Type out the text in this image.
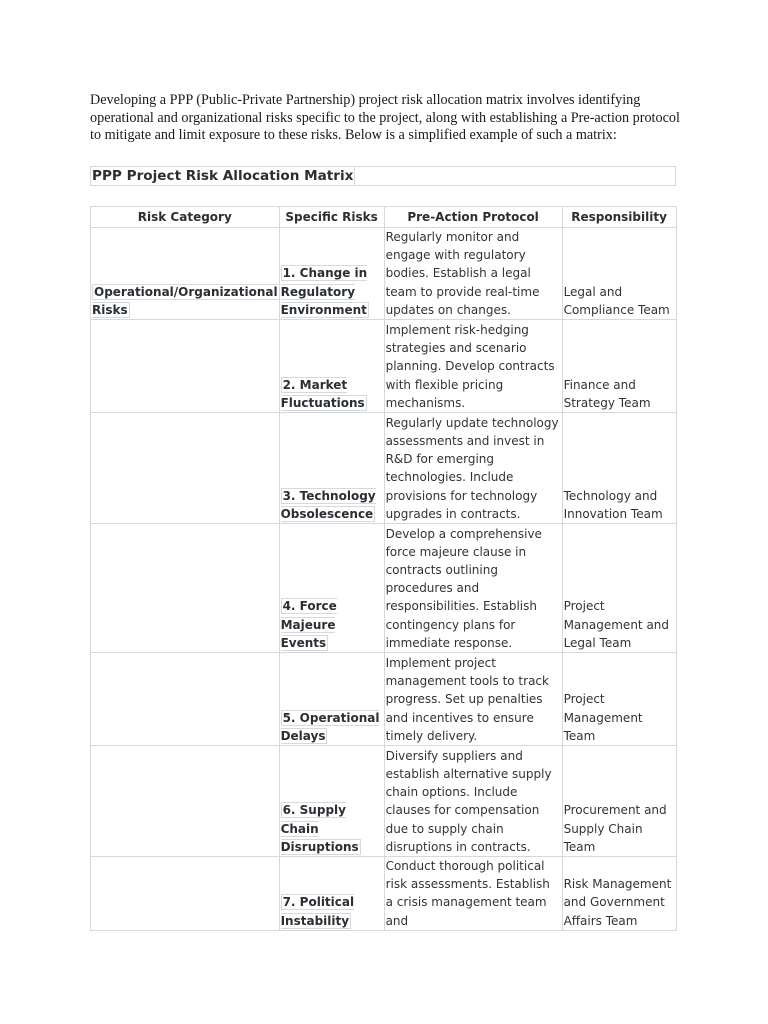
Developing a PPP (Public-Private Partnership) project risk allocation matrix involves identifying operational and organizational risks specific to the project, along with establishing a Pre-action protocol to mitigate and limit exposure to these risks. Below is a simplified example of such a matrix:

PPP Project Risk Allocation Matrix
Risk Category	Specific Risks	Pre-Action Protocol	Responsibility
Operational/Organizational Risks	1. Change in Regulatory Environment	Regularly monitor and engage with regulatory bodies. Establish a legal team to provide real-time updates on changes.	Legal and Compliance Team
	2. Market Fluctuations	Implement risk-hedging strategies and scenario planning. Develop contracts with flexible pricing mechanisms.	Finance and Strategy Team
	3. Technology Obsolescence	Regularly update technology assessments and invest in R&D for emerging technologies. Include provisions for technology upgrades in contracts.	Technology and Innovation Team
	4. Force Majeure Events	Develop a comprehensive force majeure clause in contracts outlining procedures and responsibilities. Establish contingency plans for immediate response.	Project Management and Legal Team
	5. Operational Delays	Implement project management tools to track progress. Set up penalties and incentives to ensure timely delivery.	Project Management Team
	6. Supply Chain Disruptions	Diversify suppliers and establish alternative supply chain options. Include clauses for compensation due to supply chain disruptions in contracts.	Procurement and Supply Chain Team
	7. Political Instability	Conduct thorough political risk assessments. Establish a crisis management team and	Risk Management and Government Affairs Team
